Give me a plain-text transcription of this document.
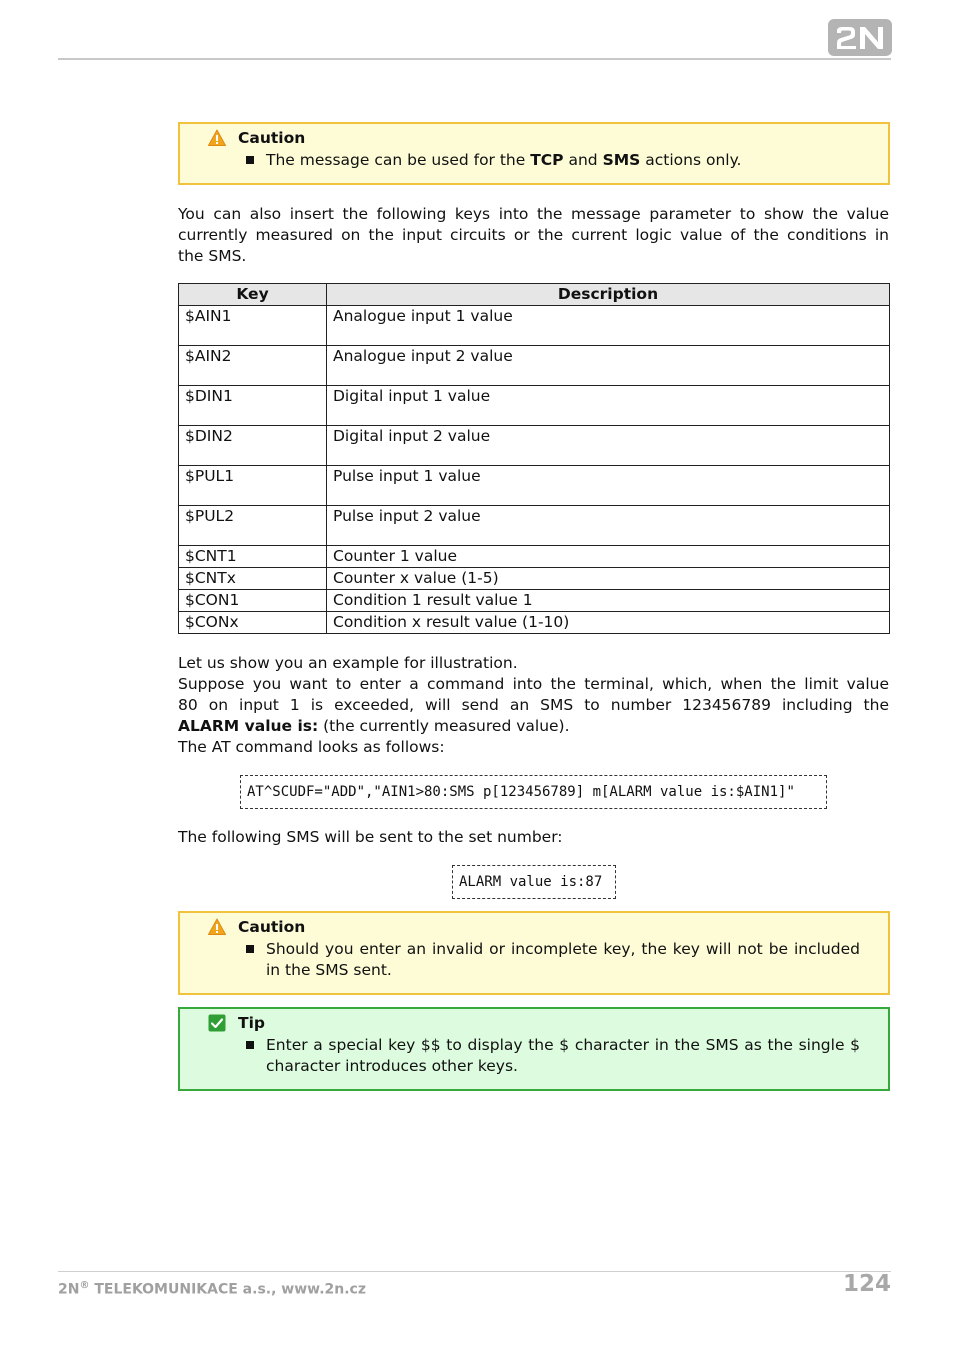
Caution
The message can be used for the TCP and SMS actions only.
You can also insert the following keys into the message parameter to show the value
currently measured on the input circuits or the current logic value of the conditions in
the SMS.
Key	Description
$AIN1	Analogue input 1 value
$AIN2	Analogue input 2 value
$DIN1	Digital input 1 value
$DIN2	Digital input 2 value
$PUL1	Pulse input 1 value
$PUL2	Pulse input 2 value
$CNT1	Counter 1 value
$CNTx	Counter x value (1-5)
$CON1	Condition 1 result value 1
$CONx	Condition x result value (1-10)
Let us show you an example for illustration.
Suppose you want to enter a command into the terminal, which, when the limit value
80 on input 1 is exceeded, will send an SMS to number 123456789 including the
ALARM value is: (the currently measured value).
The AT command looks as follows:
AT^SCUDF="ADD","AIN1>80:SMS p[123456789] m[ALARM value is:$AIN1]"
The following SMS will be sent to the set number:
ALARM value is:87
Caution
Should you enter an invalid or incomplete key, the key will not be included in the SMS sent.
Tip
Enter a special key $$ to display the $ character in the SMS as the single $ character introduces other keys.
2N® TELEKOMUNIKACE a.s., www.2n.cz	124
